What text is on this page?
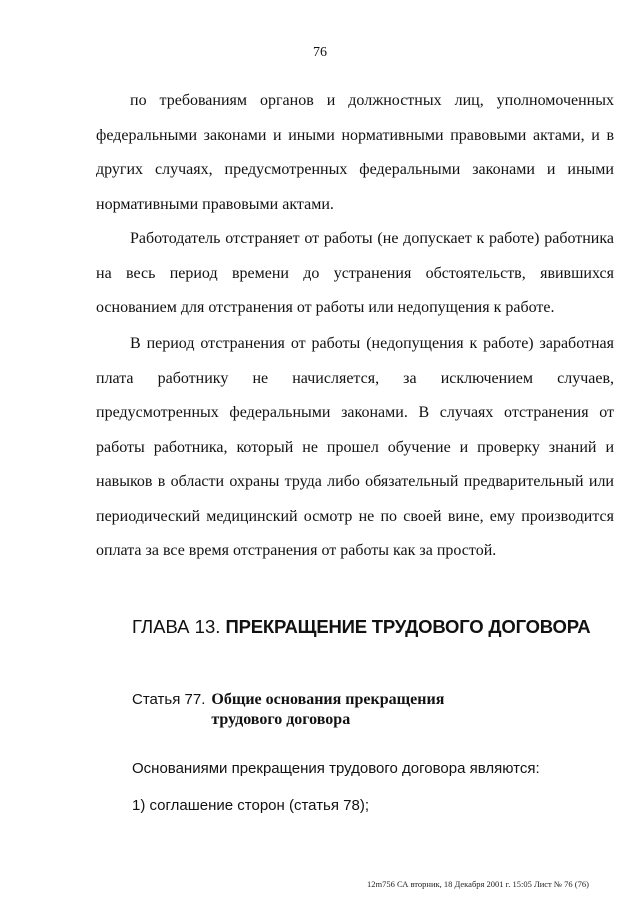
76

по требованиям органов и должностных лиц, уполномоченных федеральными законами и иными нормативными правовыми актами, и в других случаях, предусмотренных федеральными законами и иными нормативными правовыми актами.

Работодатель отстраняет от работы (не допускает к работе) работника на весь период времени до устранения обстоятельств, явившихся основанием для отстранения от работы или недопущения к работе.

В период отстранения от работы (недопущения к работе) заработная плата работнику не начисляется, за исключением случаев, предусмотренных федеральными законами. В случаях отстранения от работы работника, который не прошел обучение и проверку знаний и навыков в области охраны труда либо обязательный предварительный или периодический медицинский осмотр не по своей вине, ему производится оплата за все время отстранения от работы как за простой.

ГЛАВА 13. ПРЕКРАЩЕНИЕ ТРУДОВОГО ДОГОВОРА
Статья 77. Общие основания прекращения трудового договора
Основаниями прекращения трудового договора являются:
1) соглашение сторон (статья 78);
12m756 СА вторник, 18 Декабря 2001 г. 15:05 Лист № 76 (76)
